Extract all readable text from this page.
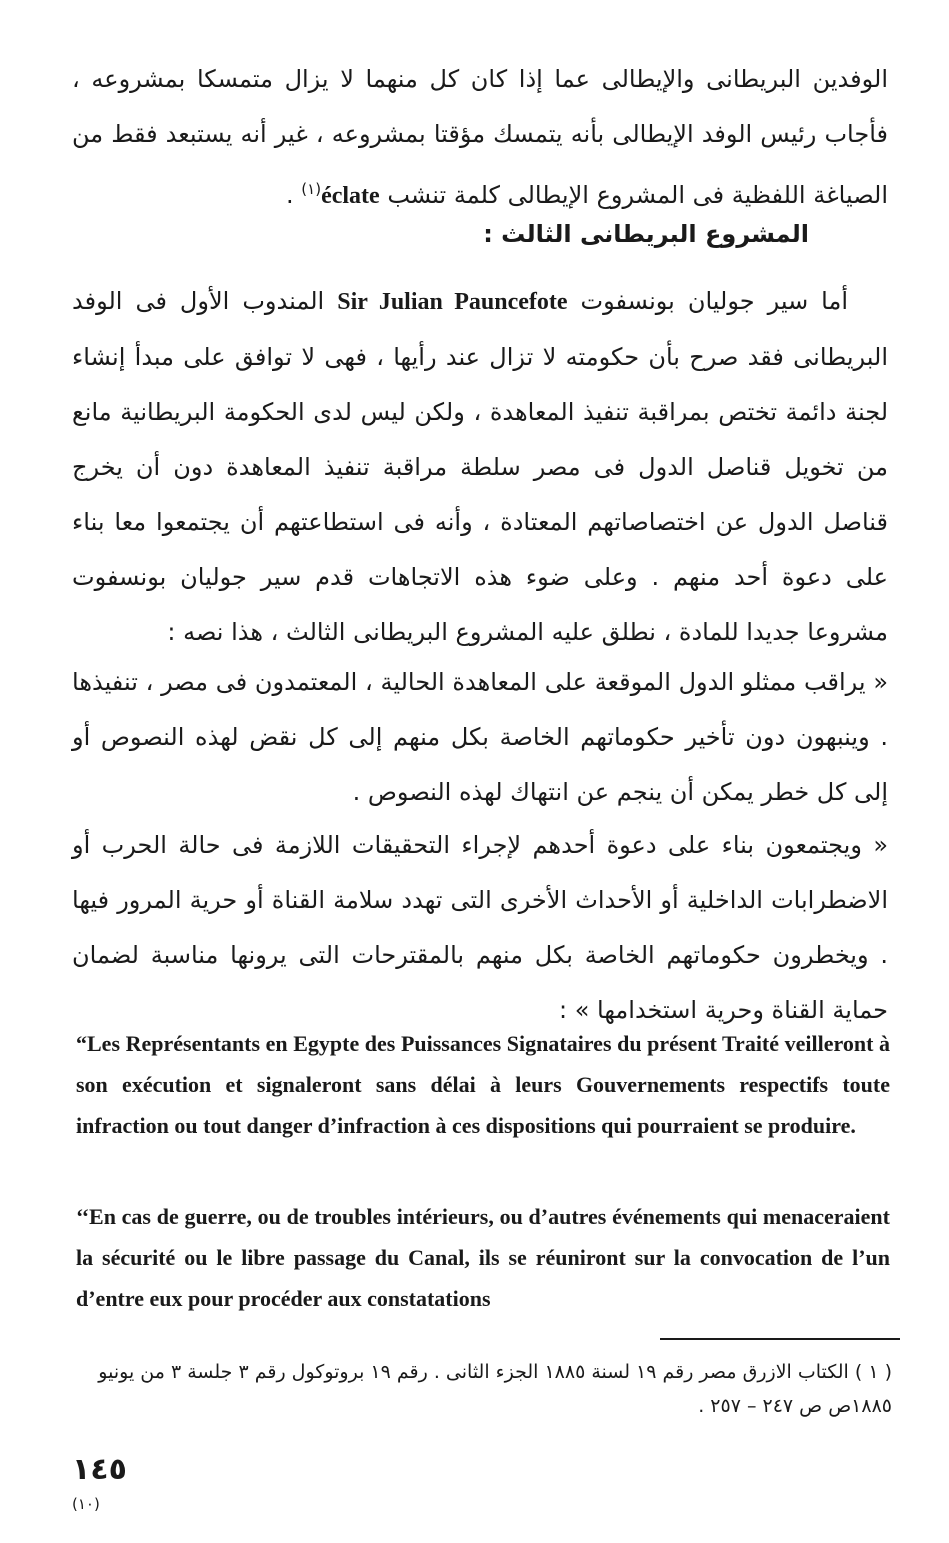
الوفدين البريطانى والإيطالى عما إذا كان كل منهما لا يزال متمسكا بمشروعه ، فأجاب رئيس الوفد الإيطالى بأنه يتمسك مؤقتا بمشروعه ، غير أنه يستبعد فقط من الصياغة اللفظية فى المشروع الإيطالى كلمة تنشب éclate$^{(١)}$ .

المشروع البريطانى الثالث :

أما سير جوليان بونسفوت Sir Julian Pauncefote المندوب الأول فى الوفد البريطانى فقد صرح بأن حكومته لا تزال عند رأيها ، فهى لا توافق على مبدأ إنشاء لجنة دائمة تختص بمراقبة تنفيذ المعاهدة ، ولكن ليس لدى الحكومة البريطانية مانع من تخويل قناصل الدول فى مصر سلطة مراقبة تنفيذ المعاهدة دون أن يخرج قناصل الدول عن اختصاصاتهم المعتادة ، وأنه فى استطاعتهم أن يجتمعوا معا بناء على دعوة أحد منهم . وعلى ضوء هذه الاتجاهات قدم سير جوليان بونسفوت مشروعا جديدا للمادة ، نطلق عليه المشروع البريطانى الثالث ، هذا نصه :

« يراقب ممثلو الدول الموقعة على المعاهدة الحالية ، المعتمدون فى مصر ، تنفيذها . وينبهون دون تأخير حكوماتهم الخاصة بكل منهم إلى كل نقض لهذه النصوص أو إلى كل خطر يمكن أن ينجم عن انتهاك لهذه النصوص .

« ويجتمعون بناء على دعوة أحدهم لإجراء التحقيقات اللازمة فى حالة الحرب أو الاضطرابات الداخلية أو الأحداث الأخرى التى تهدد سلامة القناة أو حرية المرور فيها . ويخطرون حكوماتهم الخاصة بكل منهم بالمقترحات التى يرونها مناسبة لضمان حماية القناة وحرية استخدامها » :

“Les Représentants en Egypte des Puissances Signataires du présent Traité veilleront à son exécution et signaleront sans délai à leurs Gouvernements respectifs toute infraction ou tout danger d’infraction à ces dispositions qui pourraient se produire.

‘‘En cas de guerre, ou de troubles intérieurs, ou d’autres événements qui menaceraient la sécurité ou le libre passage du Canal, ils se réuniront sur la convocation de l’un d’entre eux pour procéder aux constatations

( ١ ) الكتاب الازرق مصر رقم ١٩ لسنة ١٨٨٥ الجزء الثانى . رقم ١٩ بروتوكول رقم ٣ جلسة ٣ من يونيو ١٨٨٥ص ص ٢٤٧ – ٢٥٧ .

١٤٥
(١٠)
